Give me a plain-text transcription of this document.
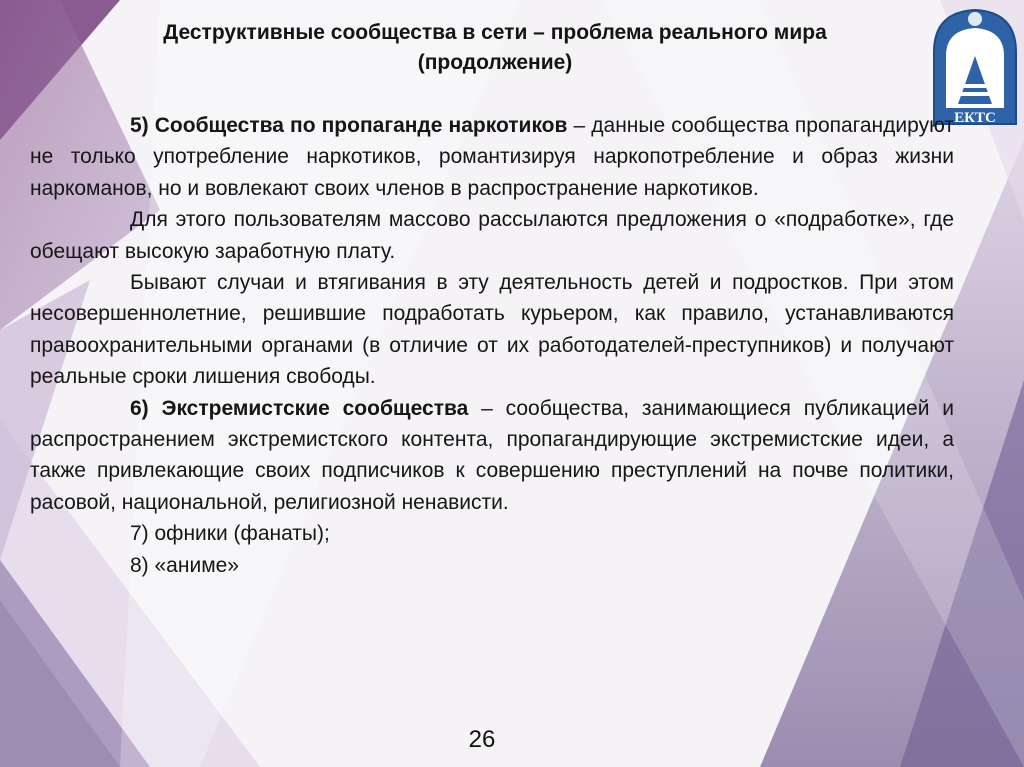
Деструктивные сообщества в сети – проблема реального мира
(продолжение)
ЕКТС

5) Сообщества по пропаганде наркотиков – данные сообщества пропагандируют не только употребление наркотиков, романтизируя наркопотребление и образ жизни наркоманов, но и вовлекают своих членов в распространение наркотиков.

Для этого пользователям массово рассылаются предложения о «подработке», где обещают высокую заработную плату.

Бывают случаи и втягивания в эту деятельность детей и подростков. При этом несовершеннолетние, решившие подработать курьером, как правило, устанавливаются правоохранительными органами (в отличие от их работодателей-преступников) и получают реальные сроки лишения свободы.

6) Экстремистские сообщества – сообщества, занимающиеся публикацией и распространением экстремистского контента, пропагандирующие экстремистские идеи, а также привлекающие своих подписчиков к совершению преступлений на почве политики, расовой, национальной, религиозной ненависти.

7) офники (фанаты);

8) «аниме»

26
